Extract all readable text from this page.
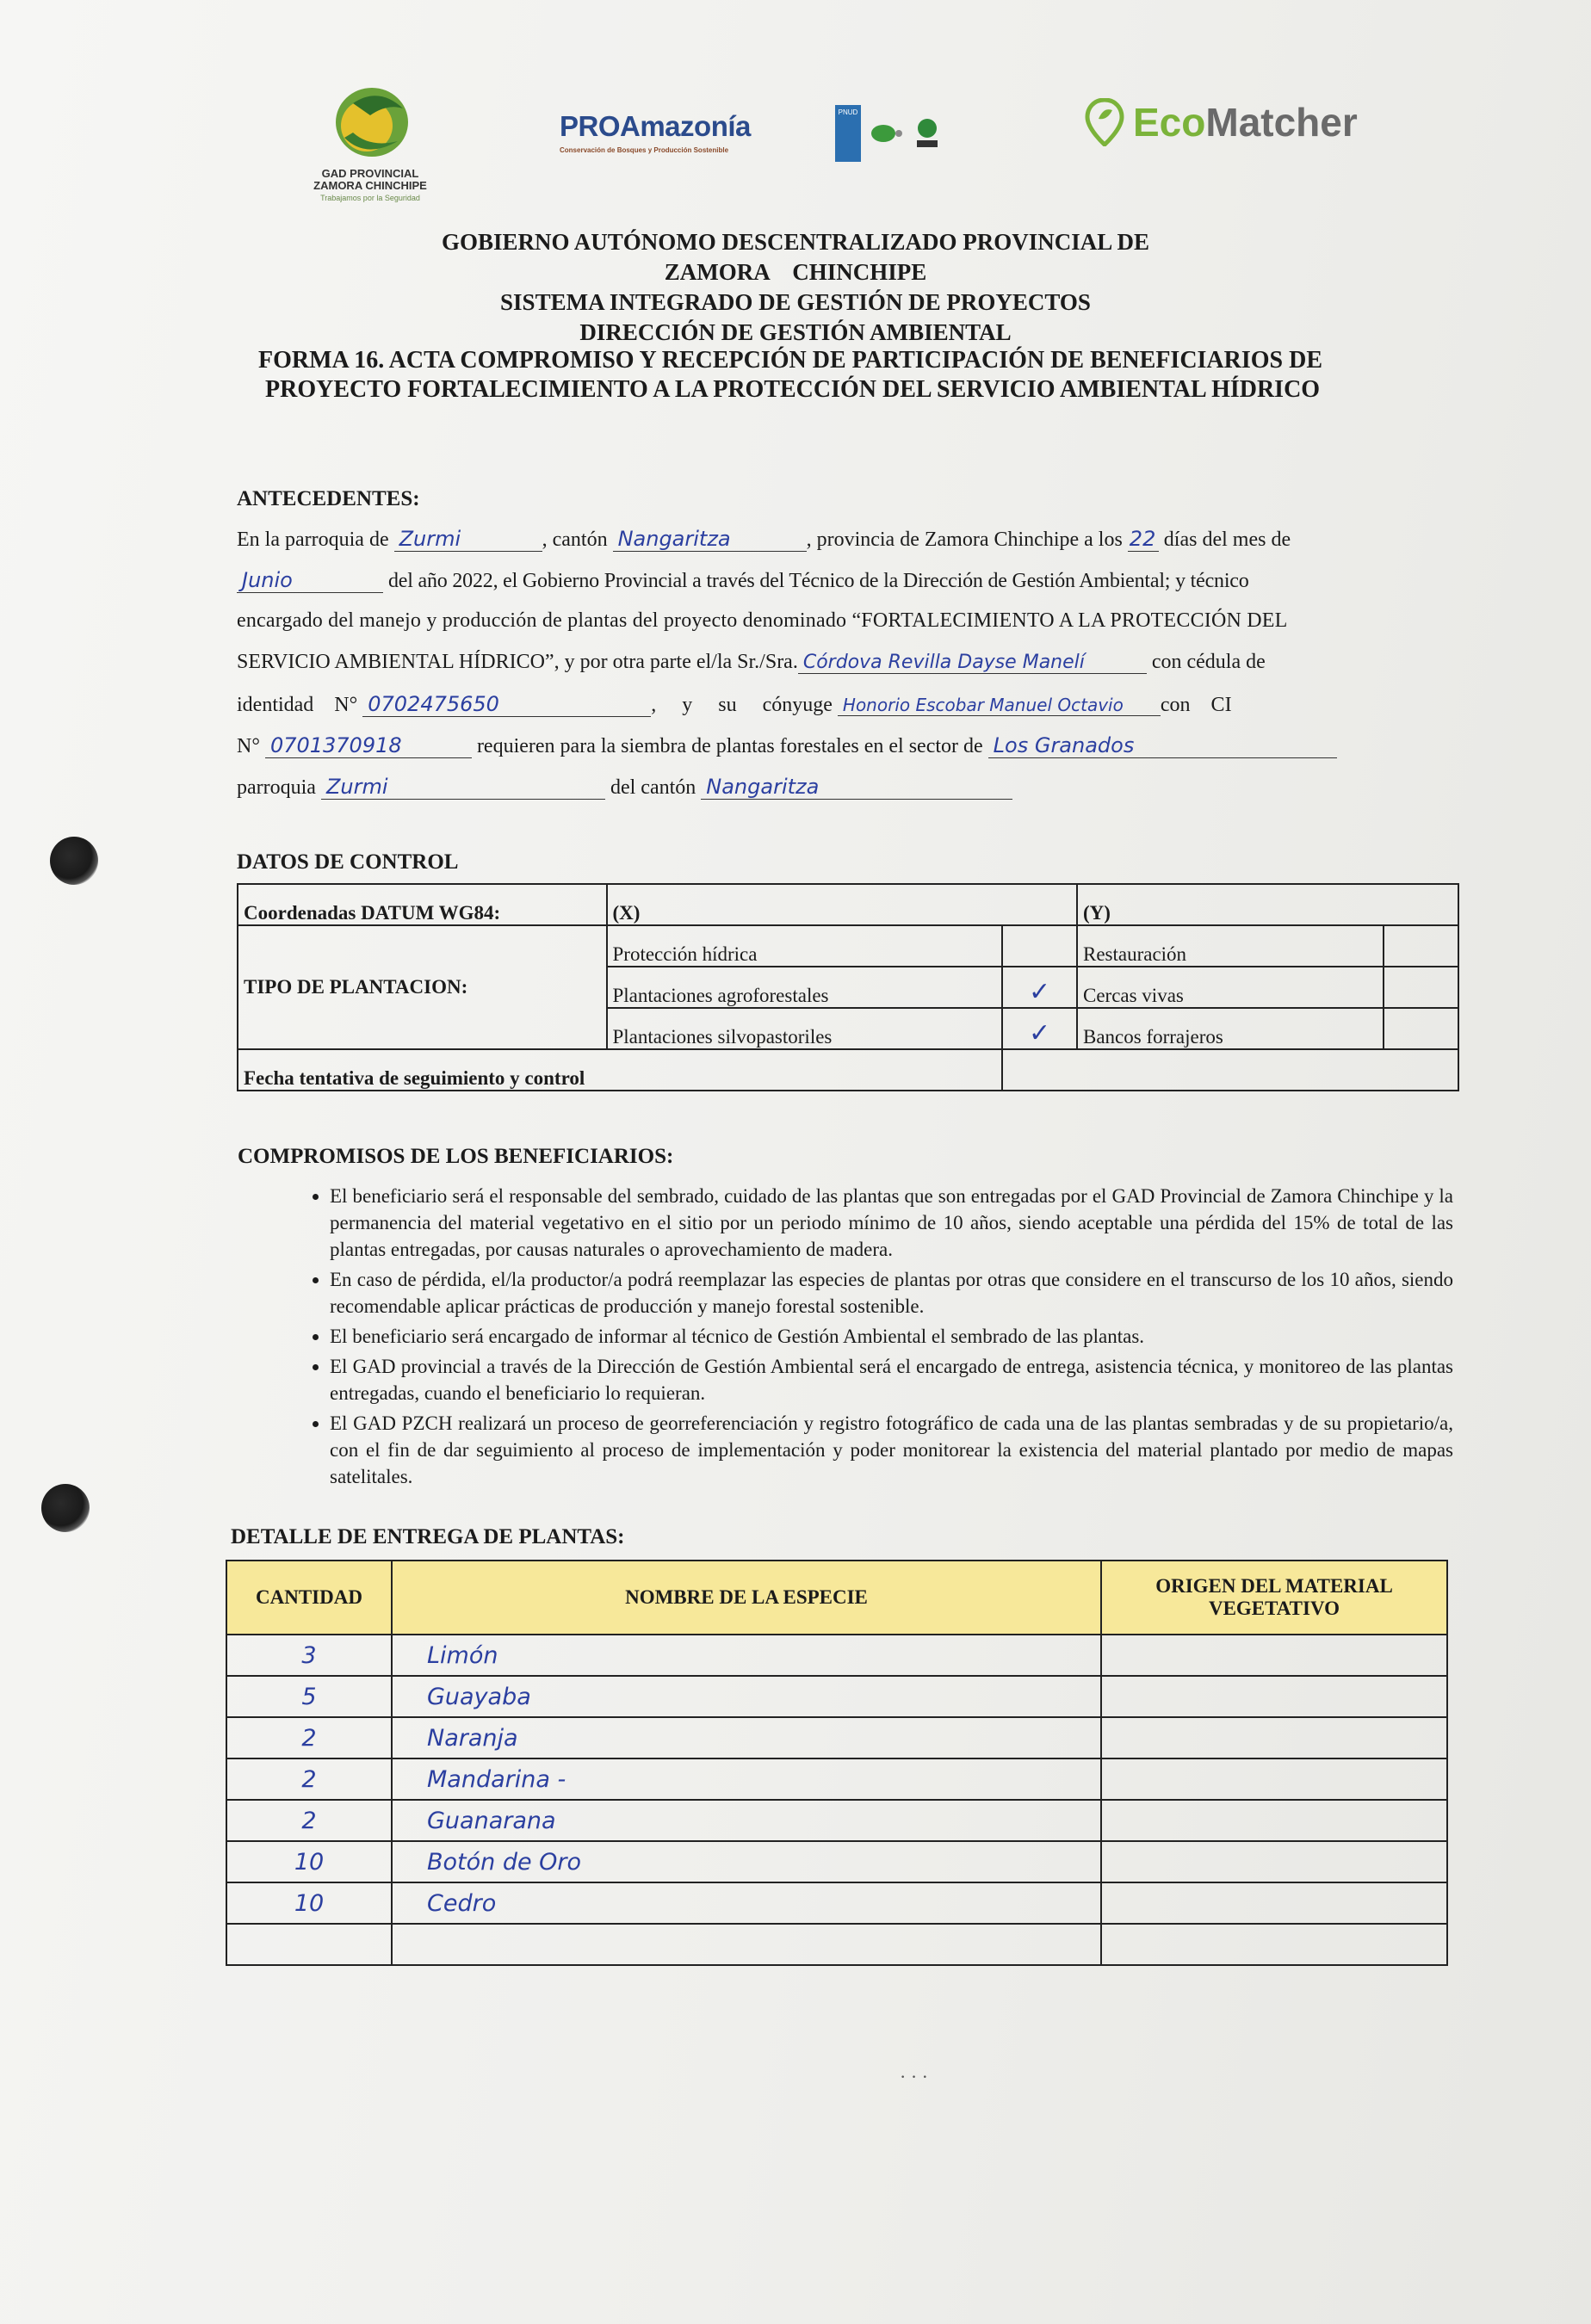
GAD PROVINCIAL ZAMORA CHINCHIPE
Trabajamos por la Seguridad
PROAmazonía
Conservación de Bosques y Producción Sostenible
PNUD	EcoMatcher
GOBIERNO AUTÓNOMO DESCENTRALIZADO PROVINCIAL DE
ZAMORA    CHINCHIPE
SISTEMA INTEGRADO DE GESTIÓN DE PROYECTOS
DIRECCIÓN DE GESTIÓN AMBIENTAL
FORMA 16. ACTA COMPROMISO Y RECEPCIÓN DE PARTICIPACIÓN DE BENEFICIARIOS DE
PROYECTO FORTALECIMIENTO A LA PROTECCIÓN DEL SERVICIO AMBIENTAL HÍDRICO
ANTECEDENTES:
En la parroquia de Zurmi	, cantón Nangaritza	, provincia de Zamora Chinchipe a los 22 días del mes de
Junio	del año 2022, el Gobierno Provincial a través del Técnico de la Dirección de Gestión Ambiental; y técnico
encargado del manejo y producción de plantas del proyecto denominado “FORTALECIMIENTO A LA PROTECCIÓN DEL
SERVICIO AMBIENTAL HÍDRICO”, y por otra parte el/la Sr./Sra. Córdova Revilla Dayse Manelí	con cédula de
identidad    N° 0702475650	,     y     su     cónyuge Honorio Escobar Manuel Octavio con    CI
N° 0701370918	requieren para la siembra de plantas forestales en el sector de Los Granados
parroquia Zurmi	del cantón Nangaritza
DATOS DE CONTROL
Coordenadas DATUM WG84:	(X)		(Y)	
TIPO DE PLANTACION:	Protección hídrica		Restauración	
	Plantaciones agroforestales	✓	Cercas vivas	
	Plantaciones silvopastoriles	✓	Bancos forrajeros	
Fecha tentativa de seguimiento y control				
COMPROMISOS DE LOS BENEFICIARIOS:
• El beneficiario será el responsable del sembrado, cuidado de las plantas que son entregadas por el GAD Provincial de Zamora Chinchipe y la permanencia del material vegetativo en el sitio por un periodo mínimo de 10 años, siendo aceptable una pérdida del 15% de total de las plantas entregadas, por causas naturales o aprovechamiento de madera.
• En caso de pérdida, el/la productor/a podrá reemplazar las especies de plantas por otras que considere en el transcurso de los 10 años, siendo recomendable aplicar prácticas de producción y manejo forestal sostenible.
• El beneficiario será encargado de informar al técnico de Gestión Ambiental el sembrado de las plantas.
• El GAD provincial a través de la Dirección de Gestión Ambiental será el encargado de entrega, asistencia técnica, y monitoreo de las plantas entregadas, cuando el beneficiario lo requieran.
• El GAD PZCH realizará un proceso de georreferenciación y registro fotográfico de cada una de las plantas sembradas y de su propietario/a, con el fin de dar seguimiento al proceso de implementación y poder monitorear la existencia del material plantado por medio de mapas satelitales.
DETALLE DE ENTREGA DE PLANTAS:
CANTIDAD	NOMBRE DE LA ESPECIE	ORIGEN DEL MATERIAL VEGETATIVO
3	Limón	
5	Guayaba	
2	Naranja	
2	Mandarina -	
2	Guanarana	
10	Botón de Oro	
10	Cedro	

· · ·
